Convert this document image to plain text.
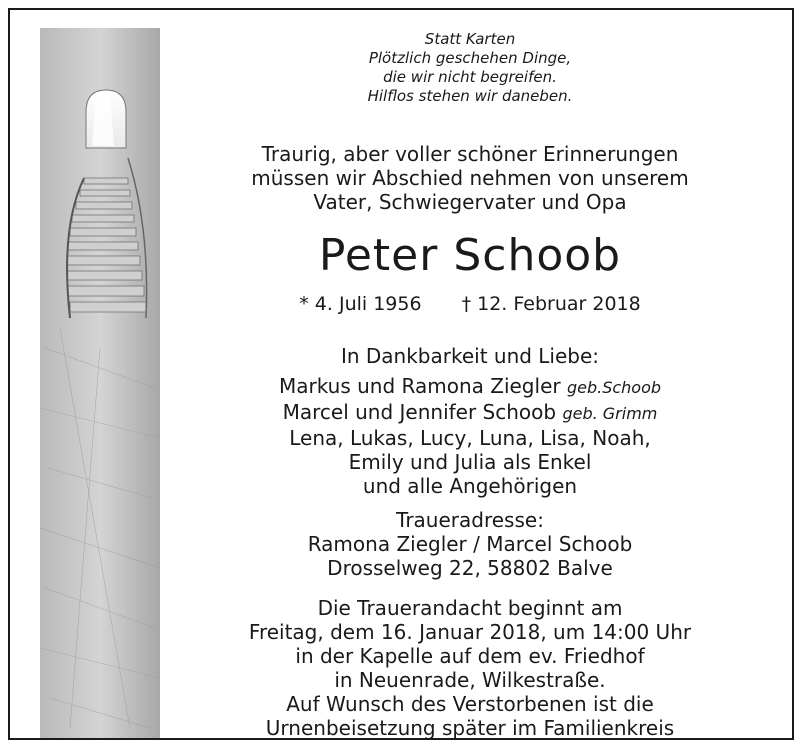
Statt Karten
Plötzlich geschehen Dinge,
die wir nicht begreifen.
Hilflos stehen wir daneben.
Traurig, aber voller schöner Erinnerungen
müssen wir Abschied nehmen von unserem
Vater, Schwiegervater und Opa
Peter Schoob
* 4. Juli 1956 † 12. Februar 2018
In Dankbarkeit und Liebe:
Markus und Ramona Ziegler geb.Schoob
Marcel und Jennifer Schoob geb. Grimm
Lena, Lukas, Lucy, Luna, Lisa, Noah,
Emily und Julia als Enkel
und alle Angehörigen
Traueradresse:
Ramona Ziegler / Marcel Schoob
Drosselweg 22, 58802 Balve
Die Trauerandacht beginnt am
Freitag, dem 16. Januar 2018, um 14:00 Uhr
in der Kapelle auf dem ev. Friedhof
in Neuenrade, Wilkestraße.
Auf Wunsch des Verstorbenen ist die
Urnenbeisetzung später im Familienkreis
